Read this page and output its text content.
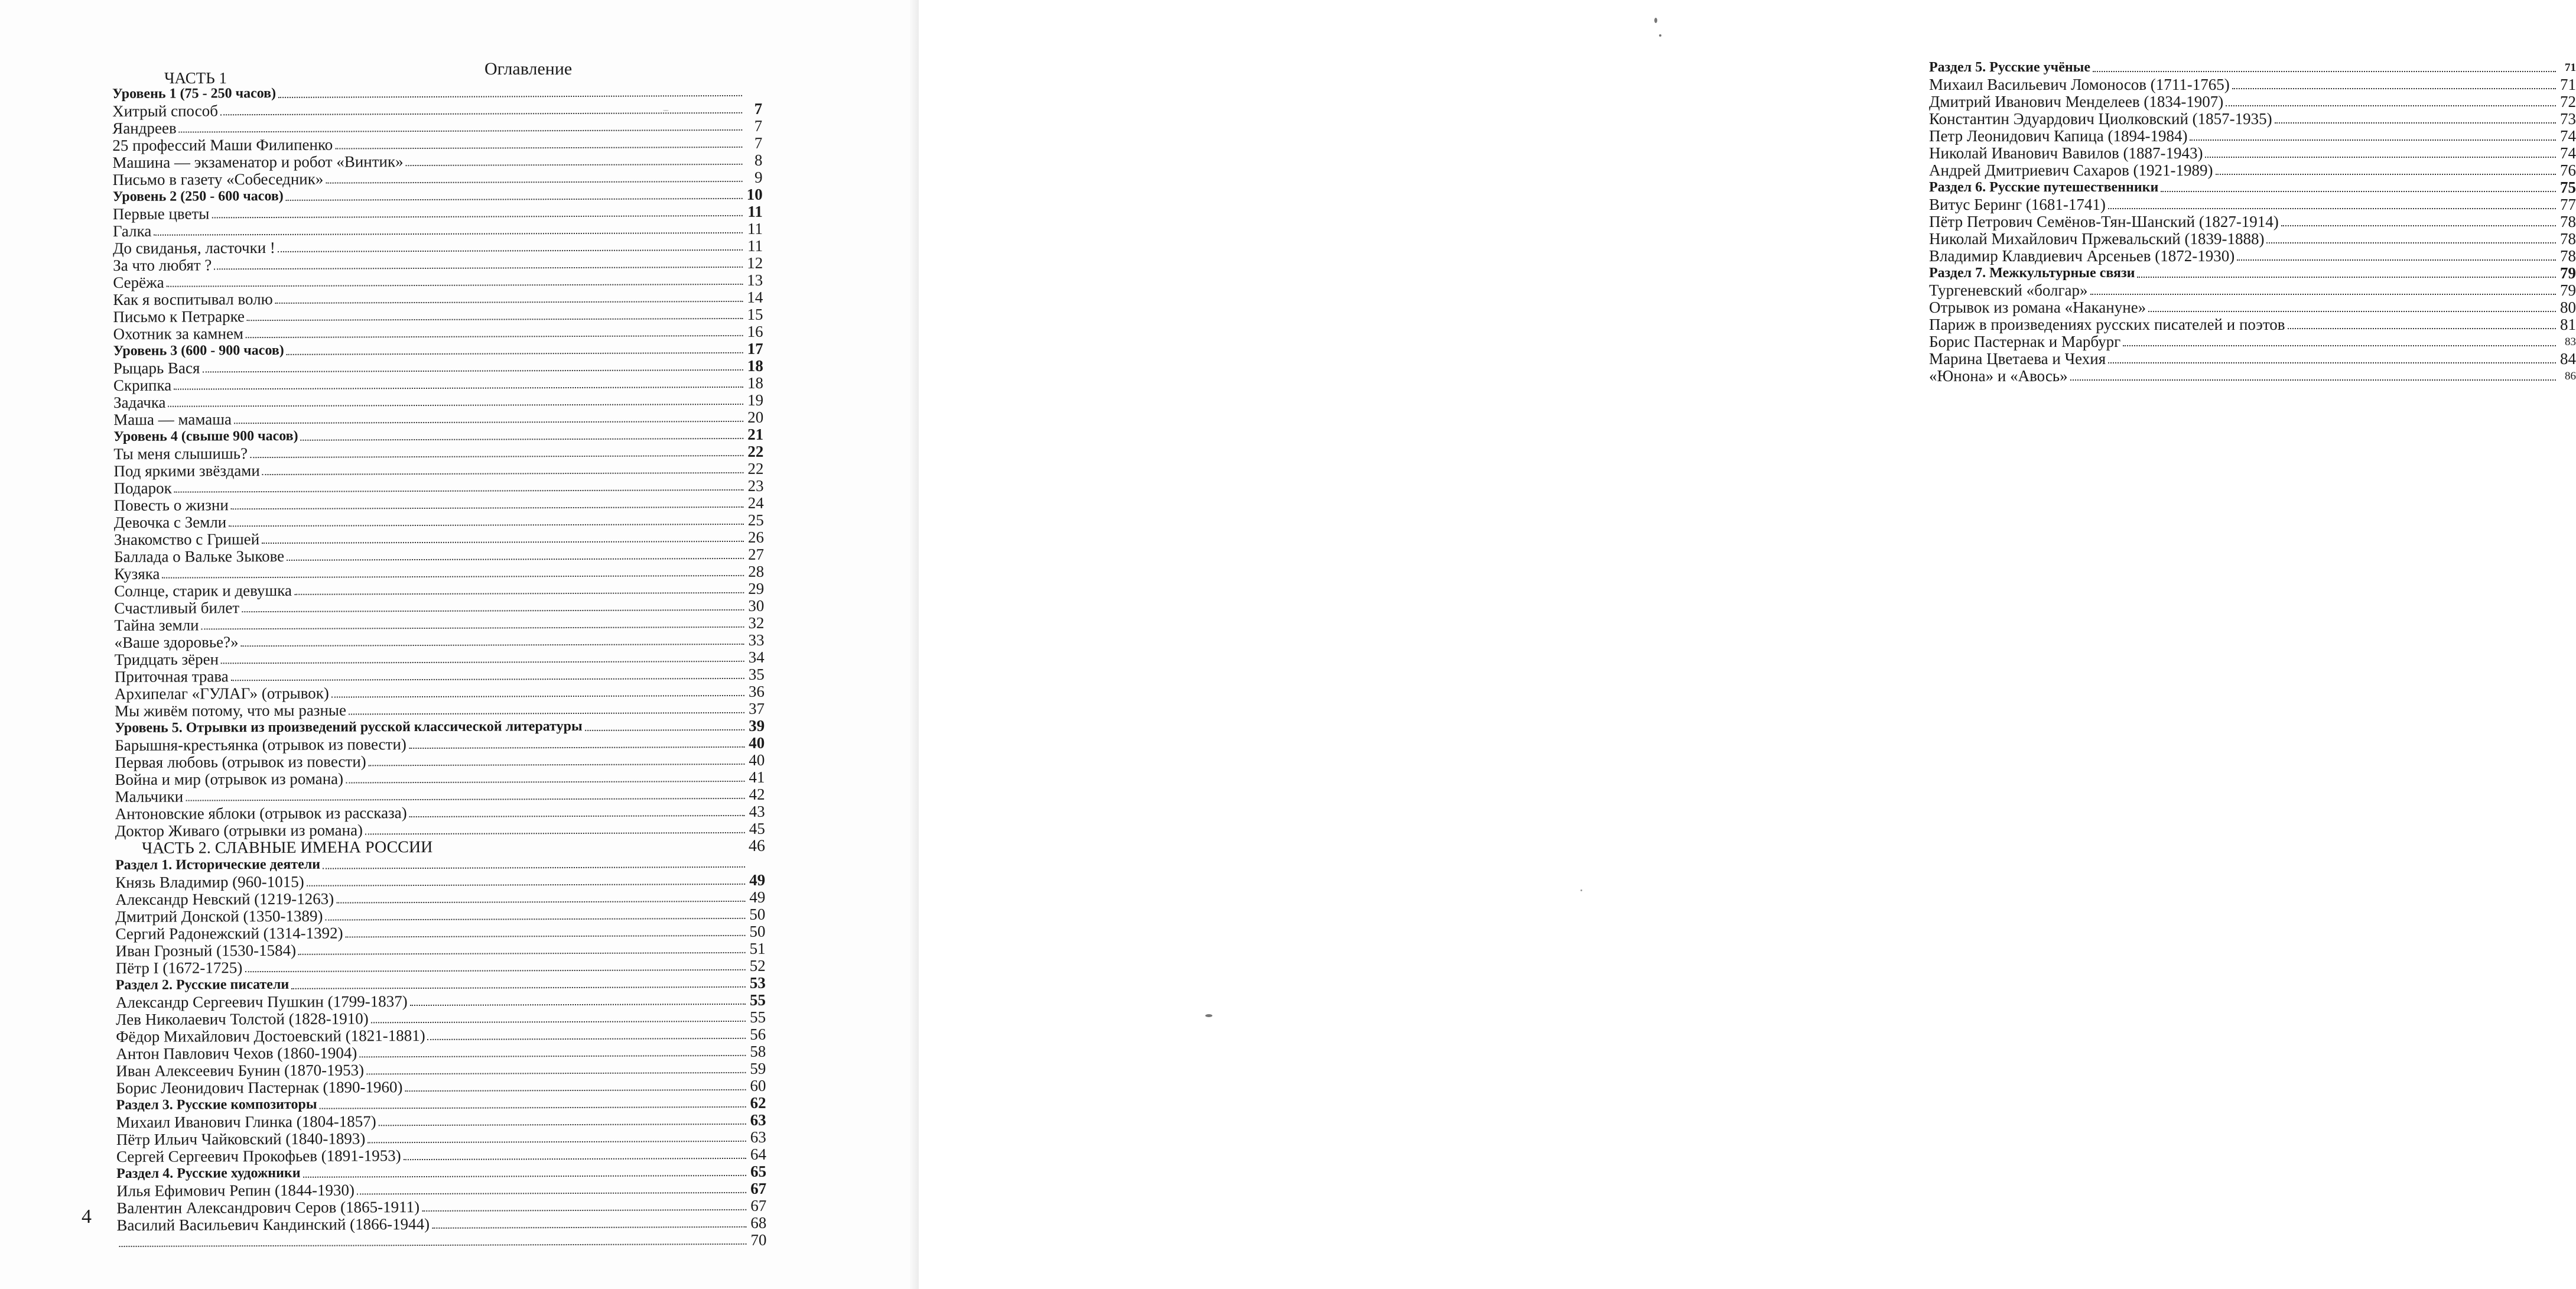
Оглавление
ЧАСТЬ 1
Уровень 1 (75 - 250 часов)
Хитрый способ	7
Яандреев	7
25 профессий Маши Филипенко	7
Машина — экзаменатор и робот «Винтик»	8
Письмо в газету «Собеседник»	9
Уровень 2 (250 - 600 часов)	10
Первые цветы	11
Галка	11
До свиданья, ласточки !	11
За что любят ?	12
Серёжа	13
Как я воспитывал волю	14
Письмо к Петрарке	15
Охотник за камнем	16
Уровень 3 (600 - 900 часов)	17
Рыцарь Вася	18
Скрипка	18
Задачка	19
Маша — мамаша	20
Уровень 4 (свыше 900 часов)	21
Ты меня слышишь?	22
Под яркими звёздами	22
Подарок	23
Повесть о жизни	24
Девочка с Земли	25
Знакомство с Гришей	26
Баллада о Вальке Зыкове	27
Кузяка	28
Солнце, старик и девушка	29
Счастливый билет	30
Тайна земли	32
«Ваше здоровье?»	33
Тридцать зёрен	34
Приточная трава	35
Архипелаг «ГУЛАГ» (отрывок)	36
Мы живём потому, что мы разные	37
Уровень 5. Отрывки из произведений русской классической литературы	39
Барышня-крестьянка (отрывок из повести)	40
Первая любовь (отрывок из повести)	40
Война и мир (отрывок из романа)	41
Мальчики	42
Антоновские яблоки (отрывок из рассказа)	43
Доктор Живаго (отрывки из романа)	45
ЧАСТЬ 2. СЛАВНЫЕ ИМЕНА РОССИИ	46
Раздел 1. Исторические деятели
Князь Владимир (960-1015)	49
Александр Невский (1219-1263)	49
Дмитрий Донской (1350-1389)	50
Сергий Радонежский (1314-1392)	50
Иван Грозный (1530-1584)	51
Пётр I (1672-1725)	52
Раздел 2. Русские писатели	53
Александр Сергеевич Пушкин (1799-1837)	55
Лев Николаевич Толстой (1828-1910)	55
Фёдор Михайлович Достоевский (1821-1881)	56
Антон Павлович Чехов (1860-1904)	58
Иван Алексеевич Бунин (1870-1953)	59
Борис Леонидович Пастернак (1890-1960)	60
Раздел 3. Русские композиторы	62
Михаил Иванович Глинка (1804-1857)	63
Пётр Ильич Чайковский (1840-1893)	63
Сергей Сергеевич Прокофьев (1891-1953)	64
Раздел 4. Русские художники	65
Илья Ефимович Репин (1844-1930)	67
Валентин Александрович Серов (1865-1911)	67
Василий Васильевич Кандинский (1866-1944)	68
70
4
Раздел 5. Русские учёные	71
Михаил Васильевич Ломоносов (1711-1765)	71
Дмитрий Иванович Менделеев (1834-1907)	72
Константин Эдуардович Циолковский (1857-1935)	73
Петр Леонидович Капица (1894-1984)	74
Николай Иванович Вавилов (1887-1943)	74
Андрей Дмитриевич Сахаров (1921-1989)	76
Раздел 6. Русские путешественники	75
Витус Беринг (1681-1741)	77
Пётр Петрович Семёнов-Тян-Шанский (1827-1914)	78
Николай Михайлович Пржевальский (1839-1888)	78
Владимир Клавдиевич Арсеньев (1872-1930)	78
Раздел 7. Межкультурные связи	79
Тургеневский «болгар»	79
Отрывок из романа «Накануне»	80
Париж в произведениях русских писателей и поэтов	81
Борис Пастернак и Марбург	83
Марина Цветаева и Чехия	84
«Юнона» и «Авось»	86
